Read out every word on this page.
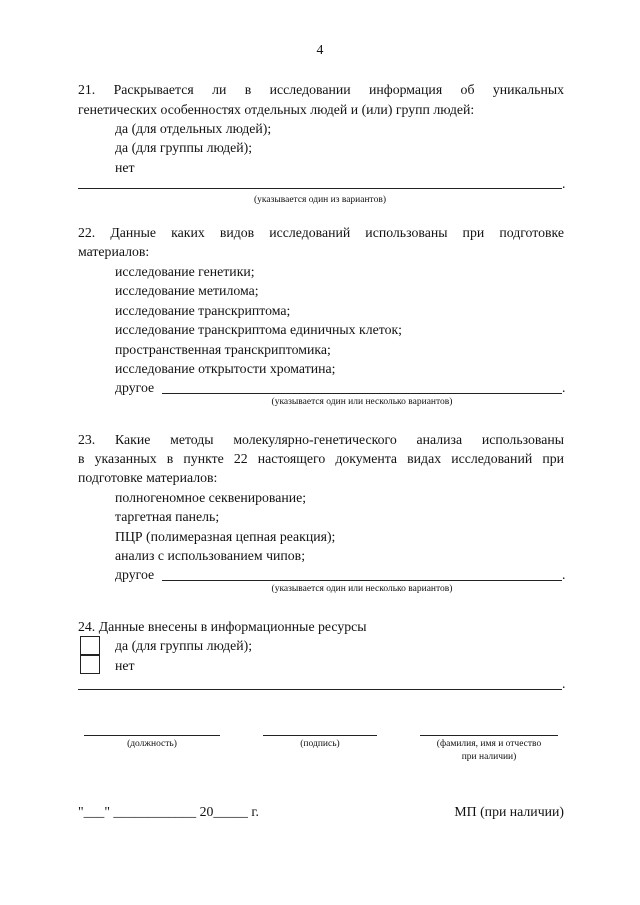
4
21. Раскрывается ли в исследовании информация об уникальных
генетических особенностях отдельных людей и (или) групп людей:
да (для отдельных людей);
да (для группы людей);
нет
.
(указывается один из вариантов)
22. Данные каких видов исследований использованы при подготовке
материалов:
исследование генетики;
исследование метилома;
исследование транскриптома;
исследование транскриптома единичных клеток;
пространственная транскриптомика;
исследование открытости хроматина;
другое	.
(указывается один или несколько вариантов)
23. Какие методы молекулярно-генетического анализа использованы
в указанных в пункте 22 настоящего документа видах исследований при
подготовке материалов:
полногеномное секвенирование;
таргетная панель;
ПЦР (полимеразная цепная реакция);
анализ с использованием чипов;
другое	.
(указывается один или несколько вариантов)
24. Данные внесены в информационные ресурсы
да (для группы людей);
нет
.
(должность)	(подпись)	(фамилия, имя и отчество
при наличии)
"___" ____________ 20_____ г.	МП (при наличии)
